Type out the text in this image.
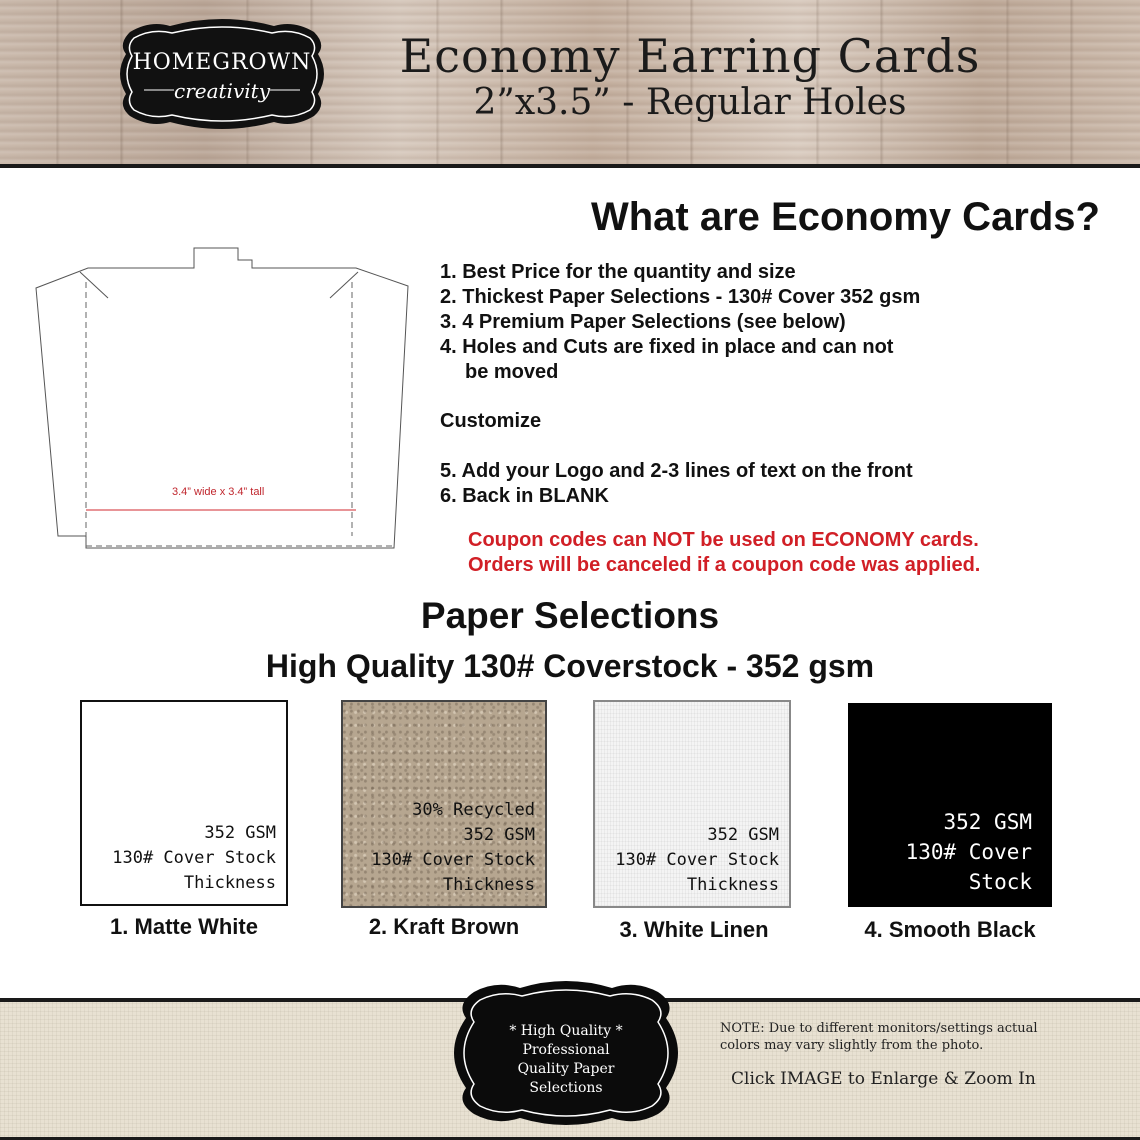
HOMEGROWN
creativity
Economy Earring Cards
2”x3.5” - Regular Holes
3.4” wide x 3.4” tall
What are Economy Cards?
1. Best Price for the quantity and size
2. Thickest Paper Selections - 130# Cover 352 gsm
3. 4 Premium Paper Selections (see below)
4. Holes and Cuts are fixed in place and can not
be moved
Customize
5. Add your Logo and 2-3 lines of text on the front
6. Back in BLANK
Coupon codes can NOT be used on ECONOMY cards.
Orders will be canceled if a coupon code was applied.
Paper Selections
High Quality 130# Coverstock - 352 gsm
352 GSM
130# Cover Stock
Thickness
30% Recycled
352 GSM
130# Cover Stock
Thickness
352 GSM
130# Cover Stock
Thickness
352 GSM
130# Cover
Stock
1. Matte White	2. Kraft Brown	3. White Linen	4. Smooth Black
* High Quality *
Professional
Quality Paper
Selections
NOTE: Due to different monitors/settings actual
colors may vary slightly from the photo.
Click IMAGE to Enlarge & Zoom In
